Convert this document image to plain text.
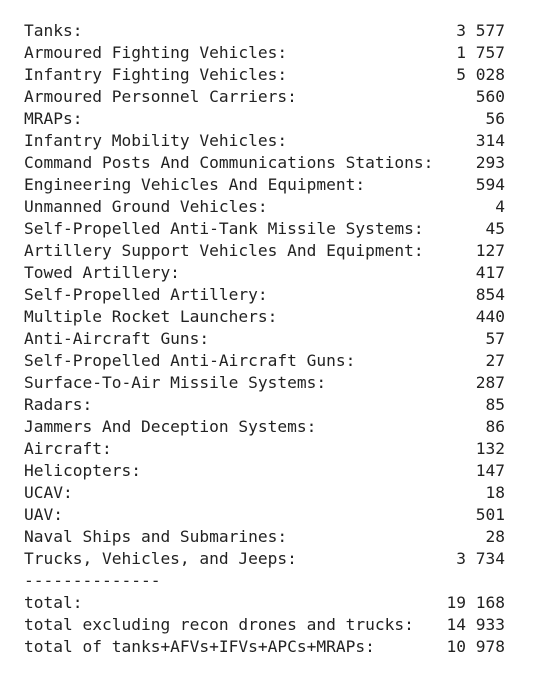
Tanks:	3 577
Armoured Fighting Vehicles:	1 757
Infantry Fighting Vehicles:	5 028
Armoured Personnel Carriers:	560
MRAPs:	56
Infantry Mobility Vehicles:	314
Command Posts And Communications Stations:	293
Engineering Vehicles And Equipment:	594
Unmanned Ground Vehicles:	4
Self-Propelled Anti-Tank Missile Systems:	45
Artillery Support Vehicles And Equipment:	127
Towed Artillery:	417
Self-Propelled Artillery:	854
Multiple Rocket Launchers:	440
Anti-Aircraft Guns:	57
Self-Propelled Anti-Aircraft Guns:	27
Surface-To-Air Missile Systems:	287
Radars:	85
Jammers And Deception Systems:	86
Aircraft:	132
Helicopters:	147
UCAV:	18
UAV:	501
Naval Ships and Submarines:	28
Trucks, Vehicles, and Jeeps:	3 734
--------------
total:	19 168
total excluding recon drones and trucks: 14 933
total of tanks+AFVs+IFVs+APCs+MRAPs:	10 978
